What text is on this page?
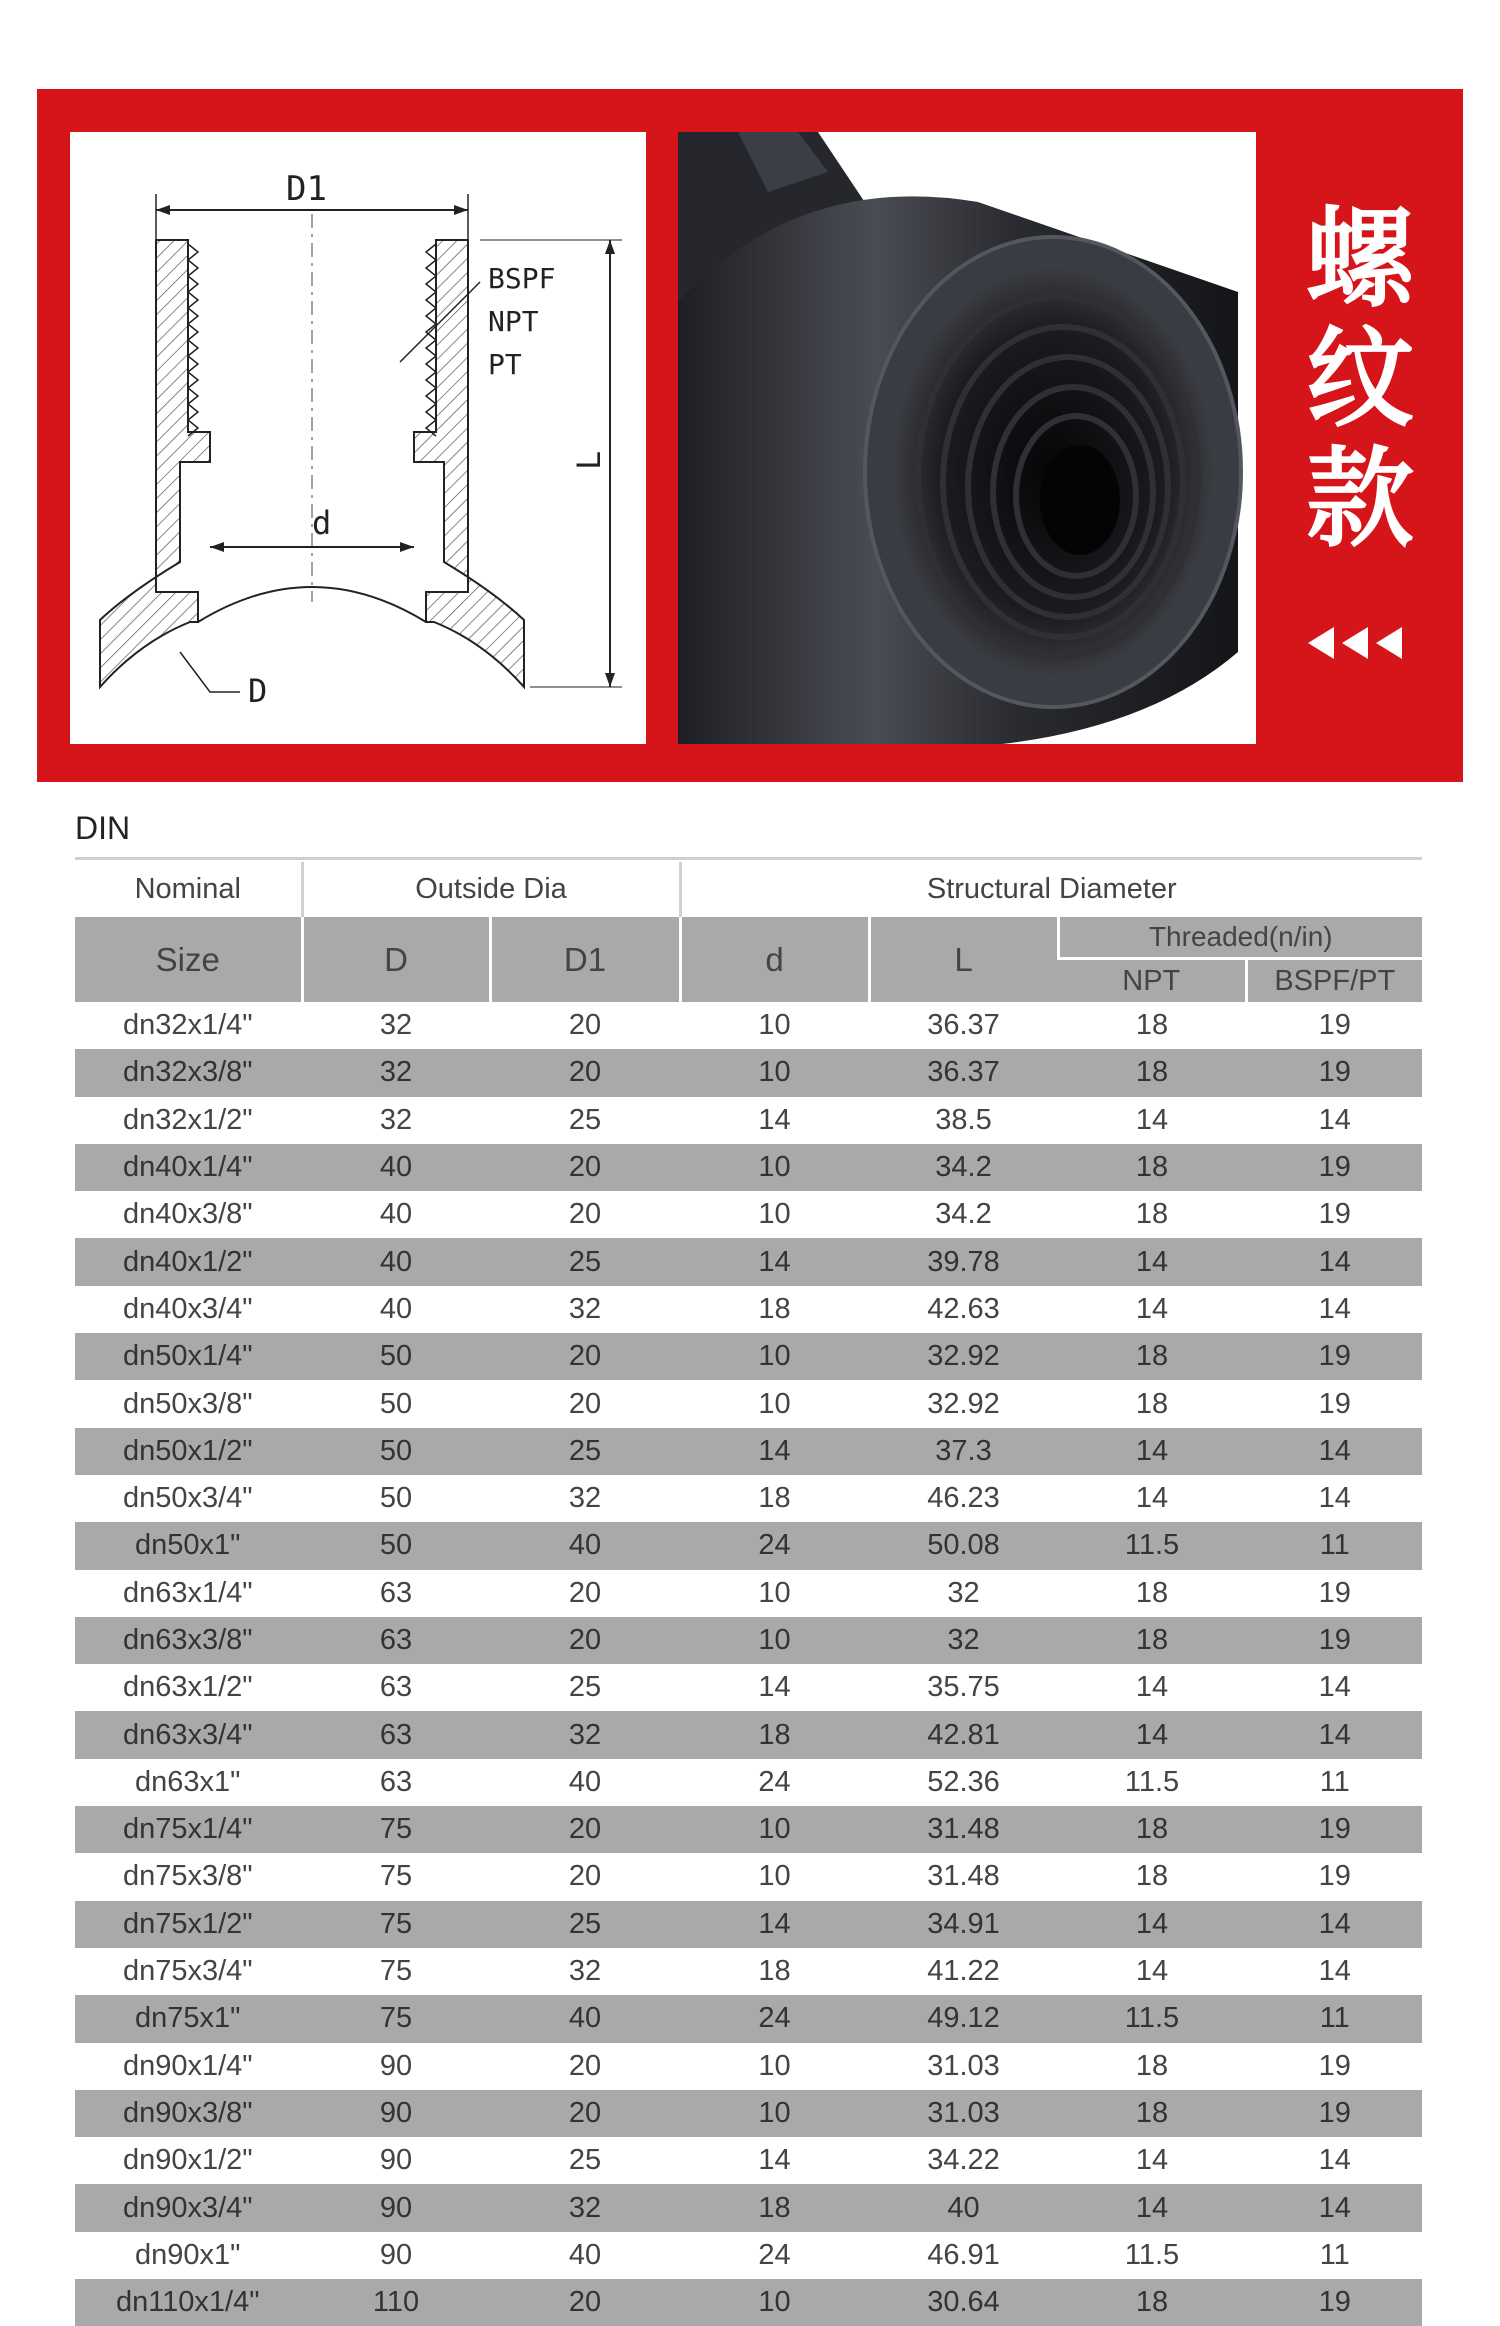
D1
d
L
BSPF
NPT
PT
D
螺
纹
款
DIN
Nominal	Outside Dia		Structural Diameter			
Size	D	D1	d	L	Threaded(n/in)	
					NPT	BSPF/PT
dn32x1/4"	32	20	10	36.37	18	19
dn32x3/8"	32	20	10	36.37	18	19
dn32x1/2"	32	25	14	38.5	14	14
dn40x1/4"	40	20	10	34.2	18	19
dn40x3/8"	40	20	10	34.2	18	19
dn40x1/2"	40	25	14	39.78	14	14
dn40x3/4"	40	32	18	42.63	14	14
dn50x1/4"	50	20	10	32.92	18	19
dn50x3/8"	50	20	10	32.92	18	19
dn50x1/2"	50	25	14	37.3	14	14
dn50x3/4"	50	32	18	46.23	14	14
dn50x1"	50	40	24	50.08	11.5	11
dn63x1/4"	63	20	10	32	18	19
dn63x3/8"	63	20	10	32	18	19
dn63x1/2"	63	25	14	35.75	14	14
dn63x3/4"	63	32	18	42.81	14	14
dn63x1"	63	40	24	52.36	11.5	11
dn75x1/4"	75	20	10	31.48	18	19
dn75x3/8"	75	20	10	31.48	18	19
dn75x1/2"	75	25	14	34.91	14	14
dn75x3/4"	75	32	18	41.22	14	14
dn75x1"	75	40	24	49.12	11.5	11
dn90x1/4"	90	20	10	31.03	18	19
dn90x3/8"	90	20	10	31.03	18	19
dn90x1/2"	90	25	14	34.22	14	14
dn90x3/4"	90	32	18	40	14	14
dn90x1"	90	40	24	46.91	11.5	11
dn110x1/4"	110	20	10	30.64	18	19
